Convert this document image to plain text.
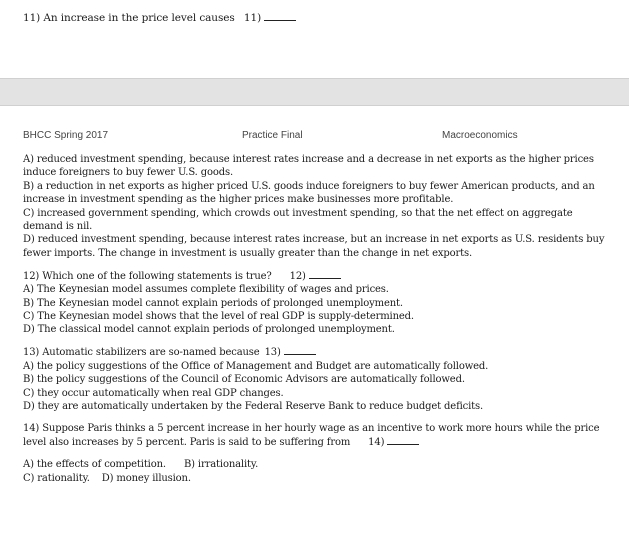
11) An increase in the price level causes 11)
BHCC Spring 2017	Practice Final	Macroeconomics

A) reduced investment spending, because interest rates increase and a decrease in net exports as the higher prices induce foreigners to buy fewer U.S. goods.

B) a reduction in net exports as higher priced U.S. goods induce foreigners to buy fewer American products, and an increase in investment spending as the higher prices make businesses more profitable.

C) increased government spending, which crowds out investment spending, so that the net effect on aggregate demand is nil.

D) reduced investment spending, because interest rates increase, but an increase in net exports as U.S. residents buy fewer imports. The change in investment is usually greater than the change in net exports.

12) Which one of the following statements is true? 12)

A) The Keynesian model assumes complete flexibility of wages and prices.

B) The Keynesian model cannot explain periods of prolonged unemployment.

C) The Keynesian model shows that the level of real GDP is supply-determined.

D) The classical model cannot explain periods of prolonged unemployment.

13) Automatic stabilizers are so-named because 13)

A) the policy suggestions of the Office of Management and Budget are automatically followed.

B) the policy suggestions of the Council of Economic Advisors are automatically followed.

C) they occur automatically when real GDP changes.

D) they are automatically undertaken by the Federal Reserve Bank to reduce budget deficits.

14) Suppose Paris thinks a 5 percent increase in her hourly wage as an incentive to work more hours while the price level also increases by 5 percent. Paris is said to be suffering from 14)

A) the effects of competition. B) irrationality.

C) rationality. D) money illusion.
